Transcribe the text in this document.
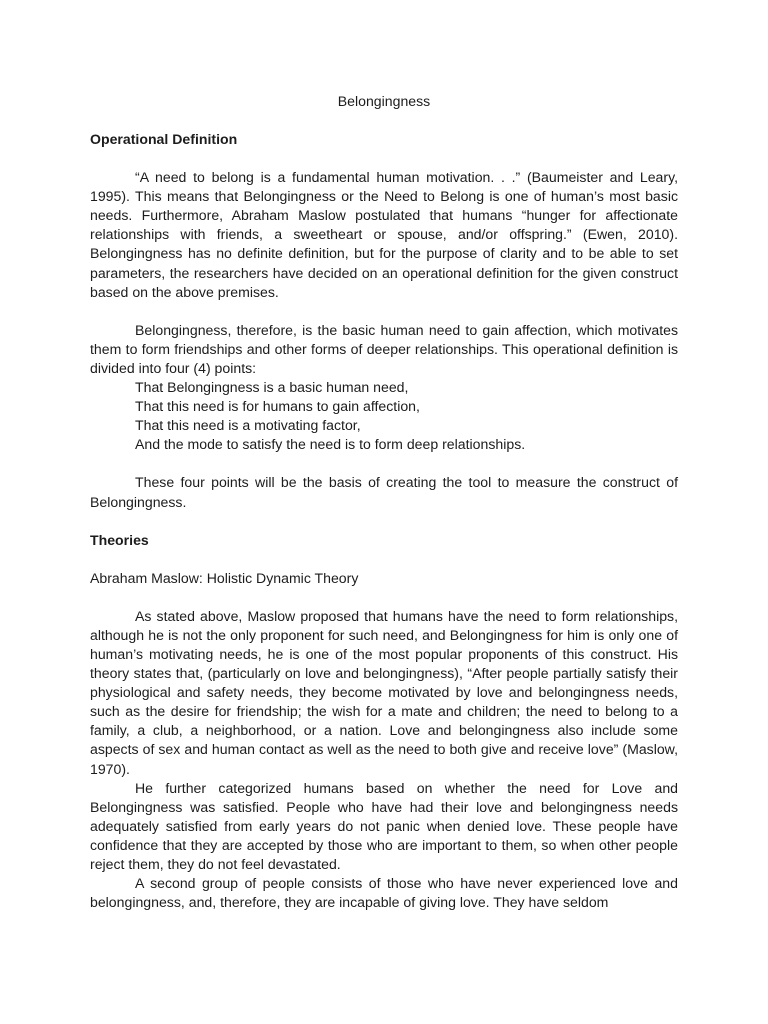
Belongingness
Operational Definition

“A need to belong is a fundamental human motivation. . .” (Baumeister and Leary, 1995). This means that Belongingness or the Need to Belong is one of human’s most basic needs. Furthermore, Abraham Maslow postulated that humans “hunger for affectionate relationships with friends, a sweetheart or spouse, and/or offspring.” (Ewen, 2010). Belongingness has no definite definition, but for the purpose of clarity and to be able to set parameters, the researchers have decided on an operational definition for the given construct based on the above premises.

Belongingness, therefore, is the basic human need to gain affection, which motivates them to form friendships and other forms of deeper relationships. This operational definition is divided into four (4) points:

That Belongingness is a basic human need,

That this need is for humans to gain affection,

That this need is a motivating factor,

And the mode to satisfy the need is to form deep relationships.

These four points will be the basis of creating the tool to measure the construct of Belongingness.

Theories
Abraham Maslow: Holistic Dynamic Theory

As stated above, Maslow proposed that humans have the need to form relationships, although he is not the only proponent for such need, and Belongingness for him is only one of human’s motivating needs, he is one of the most popular proponents of this construct. His theory states that, (particularly on love and belongingness), “After people partially satisfy their physiological and safety needs, they become motivated by love and belongingness needs, such as the desire for friendship; the wish for a mate and children; the need to belong to a family, a club, a neighborhood, or a nation. Love and belongingness also include some aspects of sex and human contact as well as the need to both give and receive love” (Maslow, 1970).

He further categorized humans based on whether the need for Love and Belongingness was satisfied. People who have had their love and belongingness needs adequately satisfied from early years do not panic when denied love. These people have confidence that they are accepted by those who are important to them, so when other people reject them, they do not feel devastated.

A second group of people consists of those who have never experienced love and belongingness, and, therefore, they are incapable of giving love. They have seldom
